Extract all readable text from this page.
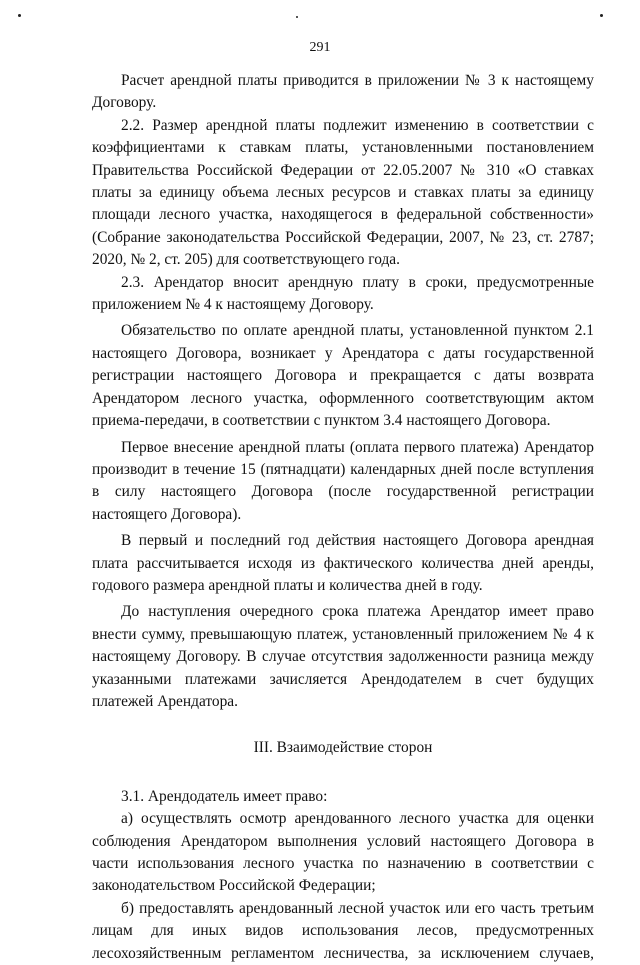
291

Расчет арендной платы приводится в приложении № 3 к настоящему Договору.

2.2. Размер арендной платы подлежит изменению в соответствии с коэффициентами к ставкам платы, установленными постановлением Правительства Российской Федерации от 22.05.2007 № 310 «О ставках платы за единицу объема лесных ресурсов и ставках платы за единицу площади лесного участка, находящегося в федеральной собственности» (Собрание законодательства Российской Федерации, 2007, № 23, ст. 2787; 2020, № 2, ст. 205) для соответствующего года.

2.3. Арендатор вносит арендную плату в сроки, предусмотренные приложением № 4 к настоящему Договору.

Обязательство по оплате арендной платы, установленной пунктом 2.1 настоящего Договора, возникает у Арендатора с даты государственной регистрации настоящего Договора и прекращается с даты возврата Арендатором лесного участка, оформленного соответствующим актом приема-передачи, в соответствии с пунктом 3.4 настоящего Договора.

Первое внесение арендной платы (оплата первого платежа) Арендатор производит в течение 15 (пятнадцати) календарных дней после вступления в силу настоящего Договора (после государственной регистрации настоящего Договора).

В первый и последний год действия настоящего Договора арендная плата рассчитывается исходя из фактического количества дней аренды, годового размера арендной платы и количества дней в году.

До наступления очередного срока платежа Арендатор имеет право внести сумму, превышающую платеж, установленный приложением № 4 к настоящему Договору. В случае отсутствия задолженности разница между указанными платежами зачисляется Арендодателем в счет будущих платежей Арендатора.

III. Взаимодействие сторон

3.1. Арендодатель имеет право:

а) осуществлять осмотр арендованного лесного участка для оценки соблюдения Арендатором выполнения условий настоящего Договора в части использования лесного участка по назначению в соответствии с законодательством Российской Федерации;

б) предоставлять арендованный лесной участок или его часть третьим лицам для иных видов использования лесов, предусмотренных лесохозяйственным регламентом лесничества, за исключением случаев,
